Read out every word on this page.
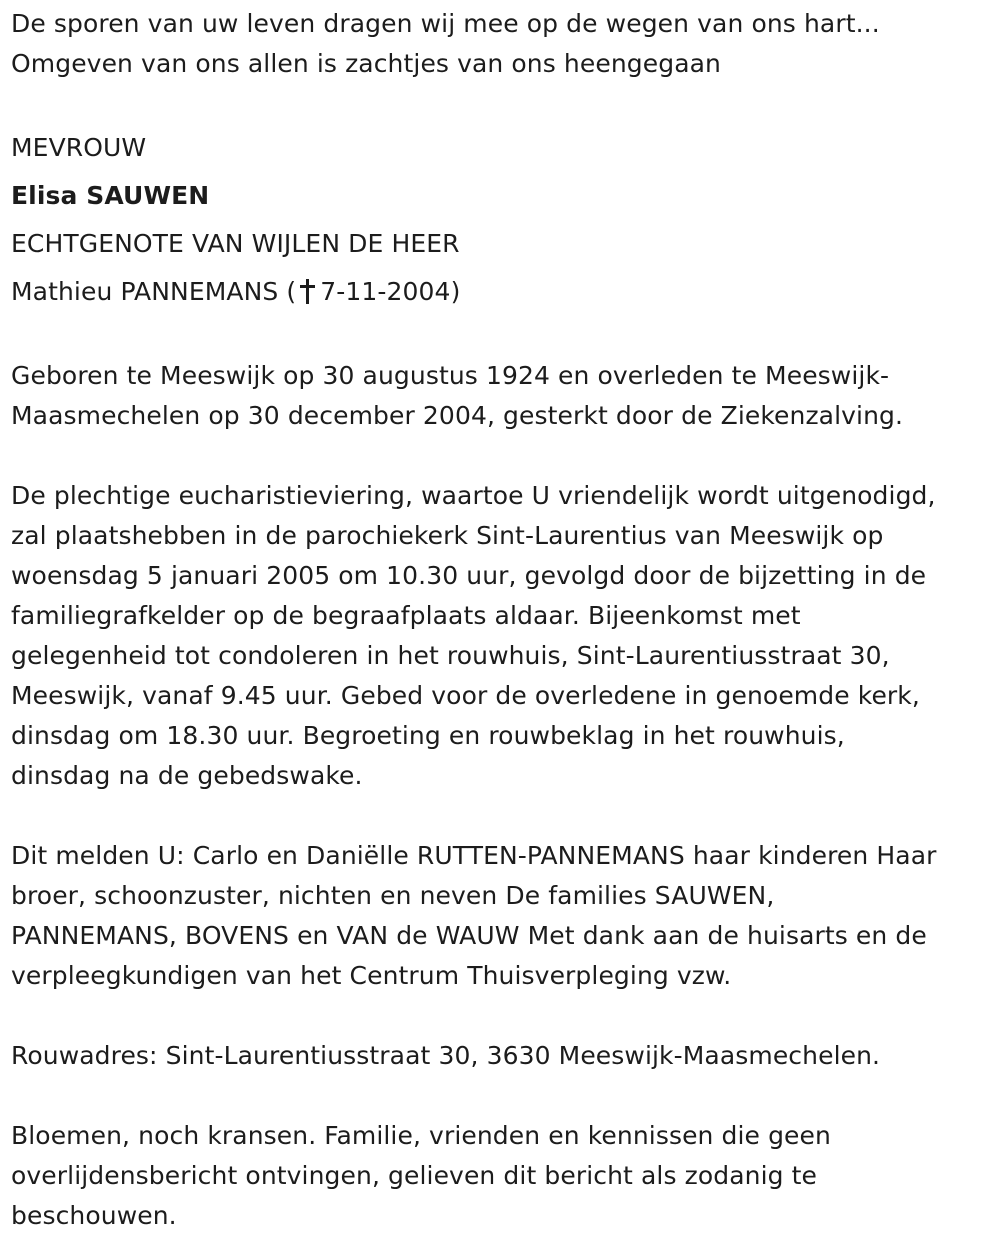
De sporen van uw leven dragen wij mee op de wegen van ons hart...

Omgeven van ons allen is zachtjes van ons heengegaan

MEVROUW

Elisa SAUWEN

ECHTGENOTE VAN WIJLEN DE HEER

Mathieu PANNEMANS ( 7-11-2004)

Geboren te Meeswijk op 30 augustus 1924 en overleden te Meeswijk-

Maasmechelen op 30 december 2004, gesterkt door de Ziekenzalving.

De plechtige eucharistieviering, waartoe U vriendelijk wordt uitgenodigd,

zal plaatshebben in de parochiekerk Sint-Laurentius van Meeswijk op

woensdag 5 januari 2005 om 10.30 uur, gevolgd door de bijzetting in de

familiegrafkelder op de begraafplaats aldaar. Bijeenkomst met

gelegenheid tot condoleren in het rouwhuis, Sint-Laurentiusstraat 30,

Meeswijk, vanaf 9.45 uur. Gebed voor de overledene in genoemde kerk,

dinsdag om 18.30 uur. Begroeting en rouwbeklag in het rouwhuis,

dinsdag na de gebedswake.

Dit melden U: Carlo en Daniëlle RUTTEN-PANNEMANS haar kinderen Haar

broer, schoonzuster, nichten en neven De families SAUWEN,

PANNEMANS, BOVENS en VAN de WAUW Met dank aan de huisarts en de

verpleegkundigen van het Centrum Thuisverpleging vzw.

Rouwadres: Sint-Laurentiusstraat 30, 3630 Meeswijk-Maasmechelen.

Bloemen, noch kransen. Familie, vrienden en kennissen die geen

overlijdensbericht ontvingen, gelieven dit bericht als zodanig te

beschouwen.
